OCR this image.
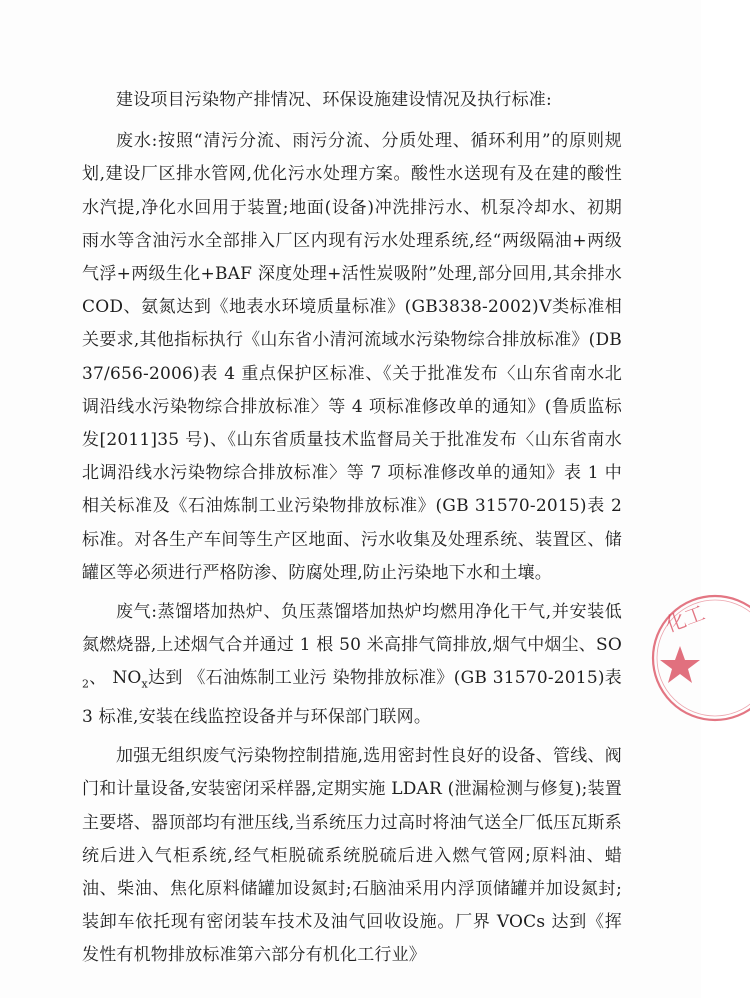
建设项目污染物产排情况、环保设施建设情况及执行标准:

废水:按照“清污分流、雨污分流、分质处理、循环利用”的原则规划,建设厂区排水管网,优化污水处理方案。酸性水送现有及在建的酸性水汽提,净化水回用于装置;地面(设备)冲洗排污水、机泵冷却水、初期雨水等含油污水全部排入厂区内现有污水处理系统,经“两级隔油+两级气浮+两级生化+BAF 深度处理+活性炭吸附”处理,部分回用,其余排水 COD、氨氮达到《地表水环境质量标准》(GB3838-2002)Ⅴ类标准相关要求,其他指标执行《山东省小清河流域水污染物综合排放标准》(DB37/656-2006)表 4 重点保护区标准、《关于批准发布〈山东省南水北调沿线水污染物综合排放标准〉等 4 项标准修改单的通知》(鲁质监标发[2011]35 号)、《山东省质量技术监督局关于批准发布〈山东省南水北调沿线水污染物综合排放标准〉等 7 项标准修改单的通知》表 1 中相关标准及《石油炼制工业污染物排放标准》(GB 31570-2015)表 2 标准。对各生产车间等生产区地面、污水收集及处理系统、装置区、储罐区等必须进行严格防渗、防腐处理,防止污染地下水和土壤。

废气:蒸馏塔加热炉、负压蒸馏塔加热炉均燃用净化干气,并安装低氮燃烧器,上述烟气合并通过 1 根 50 米高排气筒排放,烟气中烟尘、$SO_2$、 $NO_x$达到 《石油炼制工业污 染物排放标准》(GB 31570-2015)表 3 标准,安装在线监控设备并与环保部门联网。

加强无组织废气污染物控制措施,选用密封性良好的设备、管线、阀门和计量设备,安装密闭采样器,定期实施 LDAR (泄漏检测与修复);装置主要塔、器顶部均有泄压线,当系统压力过高时将油气送全厂低压瓦斯系统后进入气柜系统,经气柜脱硫系统脱硫后进入燃气管网;原料油、蜡油、柴油、焦化原料储罐加设氮封;石脑油采用内浮顶储罐并加设氮封;装卸车依托现有密闭装车技术及油气回收设施。厂界 VOCs 达到《挥发性有机物排放标准第六部分有机化工行业》

化工
